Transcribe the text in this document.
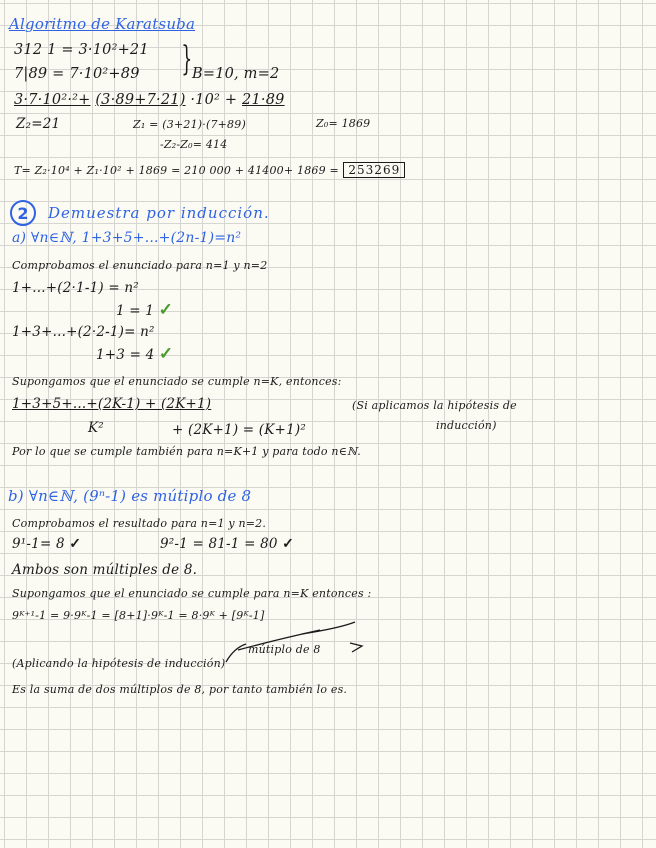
Algoritmo de Karatsuba
312 1 = 3·10²+21
7|89 = 7·10²+89 } B=10, m=2
3·7·10²·²+ (3·89+7·21) ·10² + 21·89
Z₂=21	Z₁ = (3+21)·(7+89)	Z₀= 1869
-Z₂-Z₀= 414
T= Z₂·10⁴ + Z₁·10² + 1869 = 210 000 + 41400+ 1869 = 253269
2	Demuestra por inducción.
a) ∀n∈ℕ, 1+3+5+...+(2n-1)=n²
Comprobamos el enunciado para n=1 y n=2
1+...+(2·1-1) = n²
1 = 1 ✓
1+3+...+(2·2-1)= n²
1+3 = 4 ✓
Supongamos que el enunciado se cumple n=K, entonces:
1+3+5+...+(2K-1) + (2K+1)	(Si aplicamos la hipótesis de
inducción)
K²	+ (2K+1) = (K+1)²
Por lo que se cumple también para n=K+1 y para todo n∈ℕ.
b) ∀n∈ℕ, (9ⁿ-1) es mútiplo de 8
Comprobamos el resultado para n=1 y n=2.
9¹-1= 8 ✓	9²-1 = 81-1 = 80 ✓
Ambos son múltiples de 8.
Supongamos que el enunciado se cumple para n=K entonces :
9ᴷ⁺¹-1 = 9·9ᴷ-1 = [8+1]·9ᴷ-1 = 8·9ᴷ + [9ᴷ-1]
mútiplo de 8
(Aplicando la hipótesis de inducción)
Es la suma de dos múltiplos de 8, por tanto también lo es.
